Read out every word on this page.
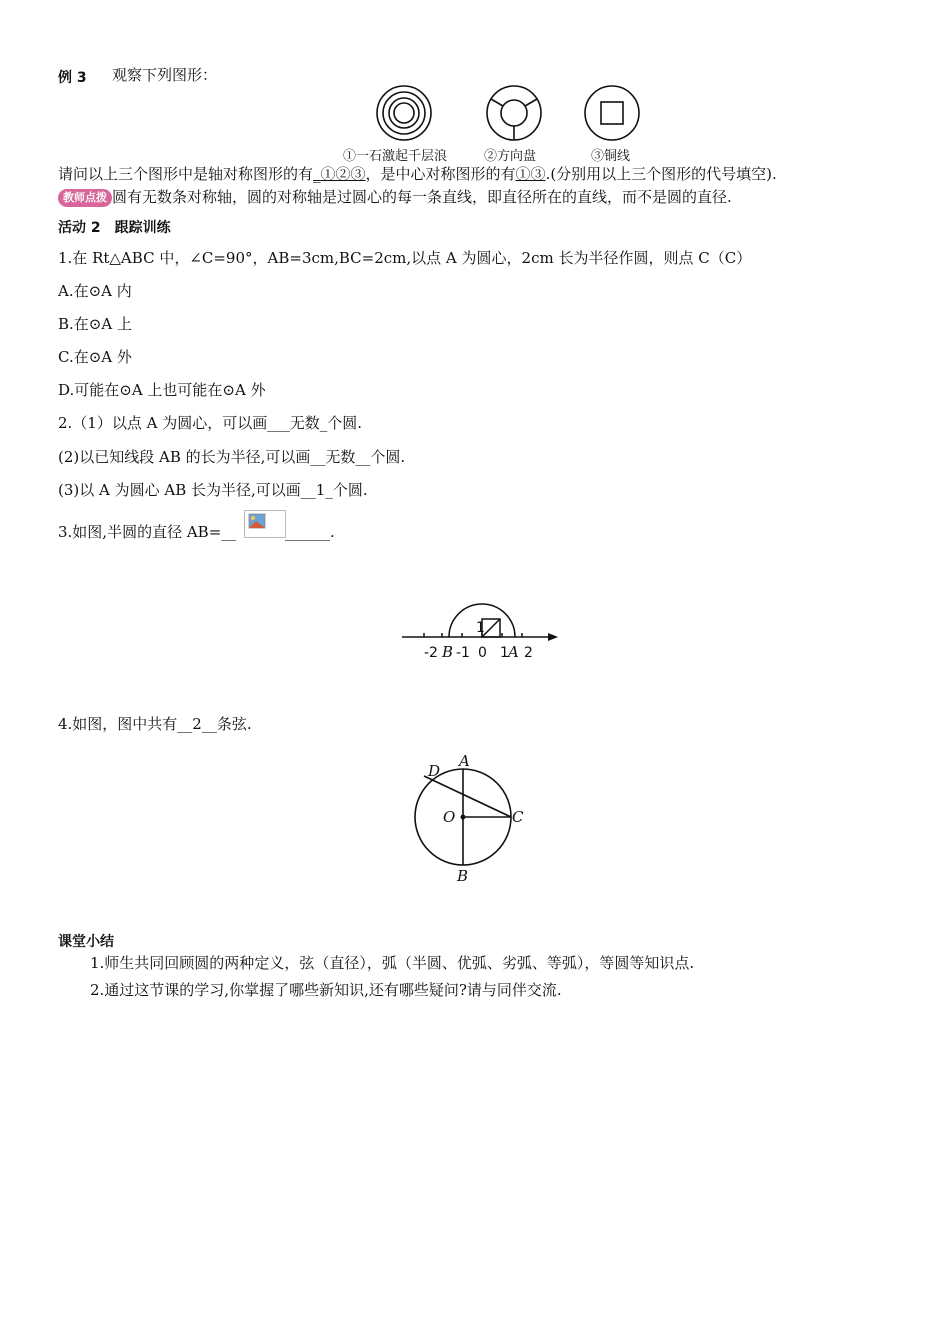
例 3 观察下列图形：
①一石激起千层浪	②方向盘	③铜线
请问以上三个图形中是轴对称图形的有_①②③，是中心对称图形的有①③.(分别用以上三个图形的代号填空).
教师点拨 圆有无数条对称轴，圆的对称轴是过圆心的每一条直线，即直径所在的直线，而不是圆的直径.
活动 2　跟踪训练
1.在 Rt△ABC 中，∠C=90°，AB=3cm,BC=2cm,以点 A 为圆心，2cm 长为半径作圆，则点 C（C）
A.在⊙A 内
B.在⊙A 上
C.在⊙A 外
D.可能在⊙A 上也可能在⊙A 外
2.（1）以点 A 为圆心，可以画___无数_个圆.
(2)以已知线段 AB 的长为半径,可以画__无数__个圆.
(3)以 A 为圆心 AB 长为半径,可以画__1_个圆.
3.如图,半圆的直径 AB=__	______.
1
-2 B -1 0 1 A 2
4.如图，图中共有__2__条弦.
D
A
O	C
B
课堂小结
1.师生共同回顾圆的两种定义，弦（直径），弧（半圆、优弧、劣弧、等弧），等圆等知识点.
2.通过这节课的学习,你掌握了哪些新知识,还有哪些疑问?请与同伴交流.
